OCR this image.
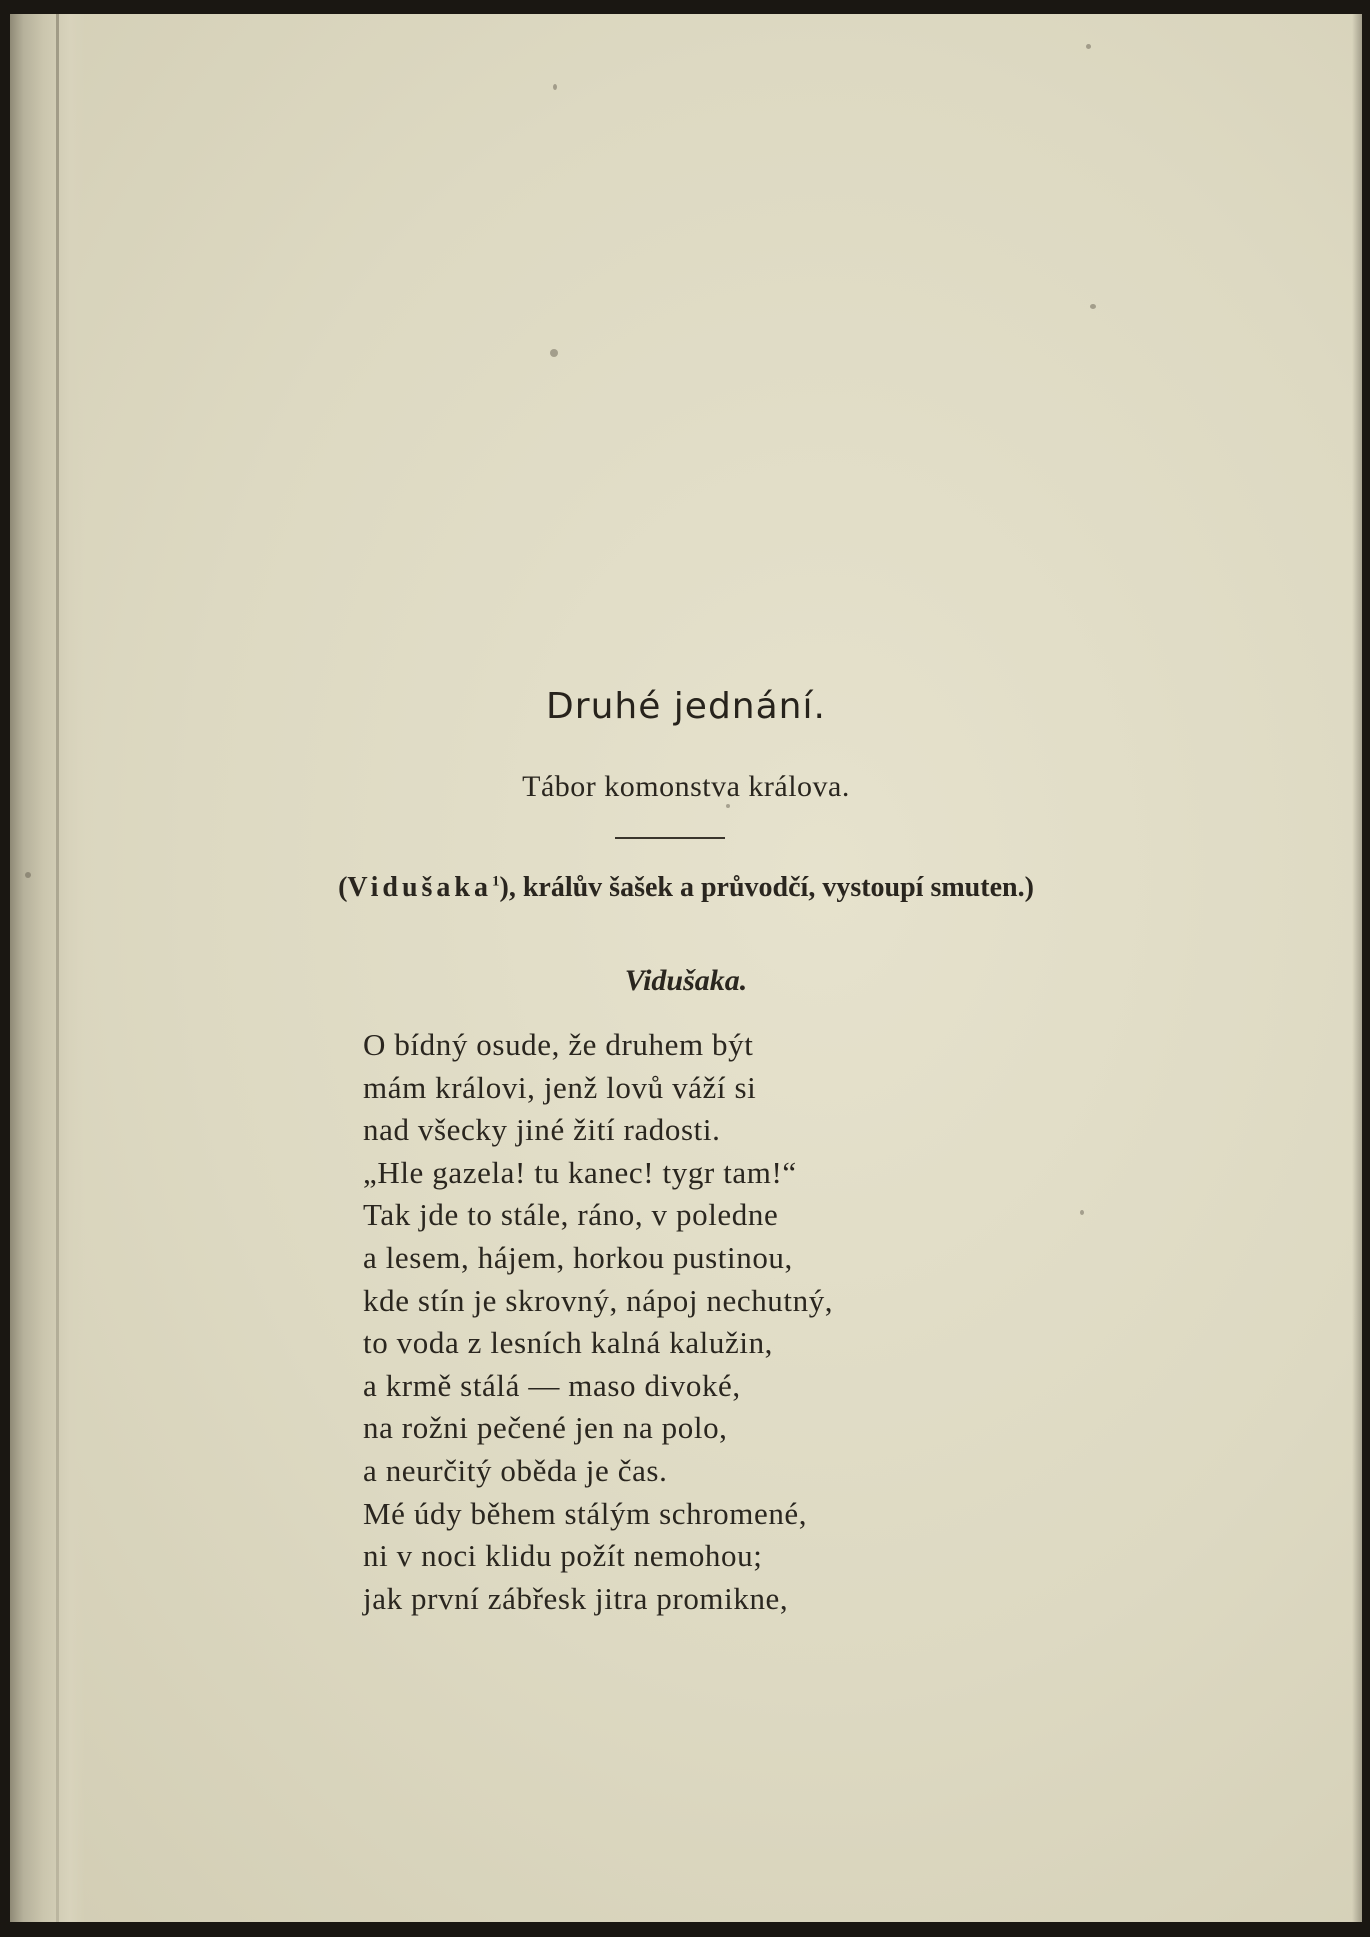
Druhé jednání.
Tábor komonstva králova.
(Vidušaka$^1$), králův šašek a průvodčí, vystoupí smuten.)
Vidušaka.
O bídný osude, že druhem být
mám královi, jenž lovů váží si
nad všecky jiné žití radosti.
„Hle gazela! tu kanec! tygr tam!“
Tak jde to stále, ráno, v poledne
a lesem, hájem, horkou pustinou,
kde stín je skrovný, nápoj nechutný,
to voda z lesních kalná kalužin,
a krmě stálá — maso divoké,
na rožni pečené jen na polo,
a neurčitý oběda je čas.
Mé údy během stálým schromené,
ni v noci klidu požít nemohou;
jak první zábřesk jitra promikne,
